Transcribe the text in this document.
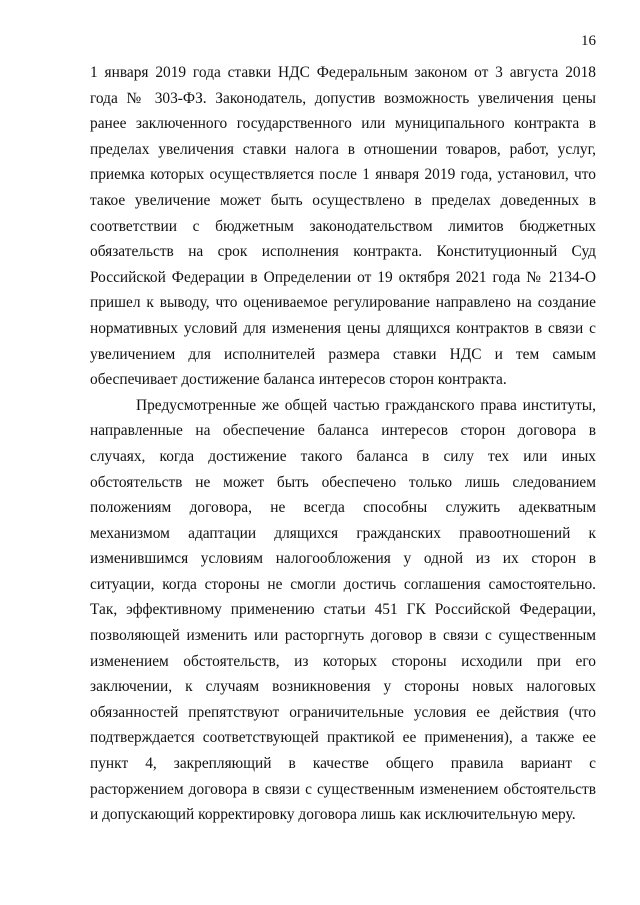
16
1 января 2019 года ставки НДС Федеральным законом от 3 августа 2018
года № 303-ФЗ. Законодатель, допустив возможность увеличения цены
ранее заключенного государственного или муниципального контракта в
пределах увеличения ставки налога в отношении товаров, работ, услуг,
приемка которых осуществляется после 1 января 2019 года, установил, что
такое увеличение может быть осуществлено в пределах доведенных в
соответствии с бюджетным законодательством лимитов бюджетных
обязательств на срок исполнения контракта. Конституционный Суд
Российской Федерации в Определении от 19 октября 2021 года № 2134-О
пришел к выводу, что оцениваемое регулирование направлено на создание
нормативных условий для изменения цены длящихся контрактов в связи с
увеличением для исполнителей размера ставки НДС и тем самым
обеспечивает достижение баланса интересов сторон контракта.
Предусмотренные же общей частью гражданского права институты,
направленные на обеспечение баланса интересов сторон договора в
случаях, когда достижение такого баланса в силу тех или иных
обстоятельств не может быть обеспечено только лишь следованием
положениям договора, не всегда способны служить адекватным
механизмом адаптации длящихся гражданских правоотношений к
изменившимся условиям налогообложения у одной из их сторон в
ситуации, когда стороны не смогли достичь соглашения самостоятельно.
Так, эффективному применению статьи 451 ГК Российской Федерации,
позволяющей изменить или расторгнуть договор в связи с существенным
изменением обстоятельств, из которых стороны исходили при его
заключении, к случаям возникновения у стороны новых налоговых
обязанностей препятствуют ограничительные условия ее действия (что
подтверждается соответствующей практикой ее применения), а также ее
пункт 4, закрепляющий в качестве общего правила вариант с
расторжением договора в связи с существенным изменением обстоятельств
и допускающий корректировку договора лишь как исключительную меру.
